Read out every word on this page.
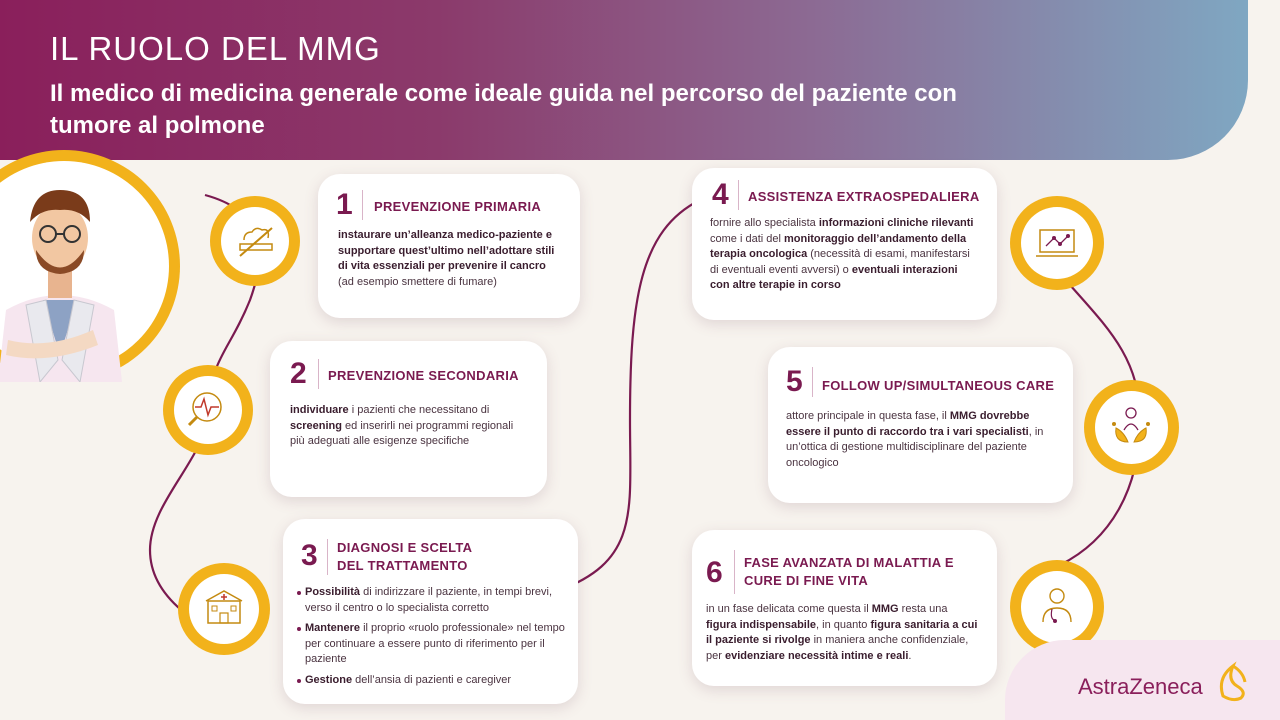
IL RUOLO DEL MMG
Il medico di medicina generale come ideale guida nel percorso del paziente con tumore al polmone
1 PREVENZIONE PRIMARIA
instaurare un’alleanza medico-paziente e supportare quest’ultimo nell’adottare stili di vita essenziali per prevenire il cancro (ad esempio smettere di fumare)
2 PREVENZIONE SECONDARIA
individuare i pazienti che necessitano di screening ed inserirli nei programmi regionali più adeguati alle esigenze specifiche
3 DIAGNOSI E SCELTA DEL TRATTAMENTO
Possibilità di indirizzare il paziente, in tempi brevi, verso il centro o lo specialista corretto
Mantenere il proprio «ruolo professionale» nel tempo per continuare a essere punto di riferimento per il paziente
Gestione dell’ansia di pazienti e caregiver
4 ASSISTENZA EXTRAOSPEDALIERA
fornire allo specialista informazioni cliniche rilevanti come i dati del monitoraggio dell’andamento della terapia oncologica (necessità di esami, manifestarsi di eventuali eventi avversi) o eventuali interazioni con altre terapie in corso
5 FOLLOW UP/SIMULTANEOUS CARE
attore principale in questa fase, il MMG dovrebbe essere il punto di raccordo tra i vari specialisti, in un’ottica di gestione multidisciplinare del paziente oncologico
6 FASE AVANZATA DI MALATTIA E CURE DI FINE VITA
in un fase delicata come questa il MMG resta una figura indispensabile, in quanto figura sanitaria a cui il paziente si rivolge in maniera anche confidenziale, per evidenziare necessità intime e reali.
AstraZeneca
